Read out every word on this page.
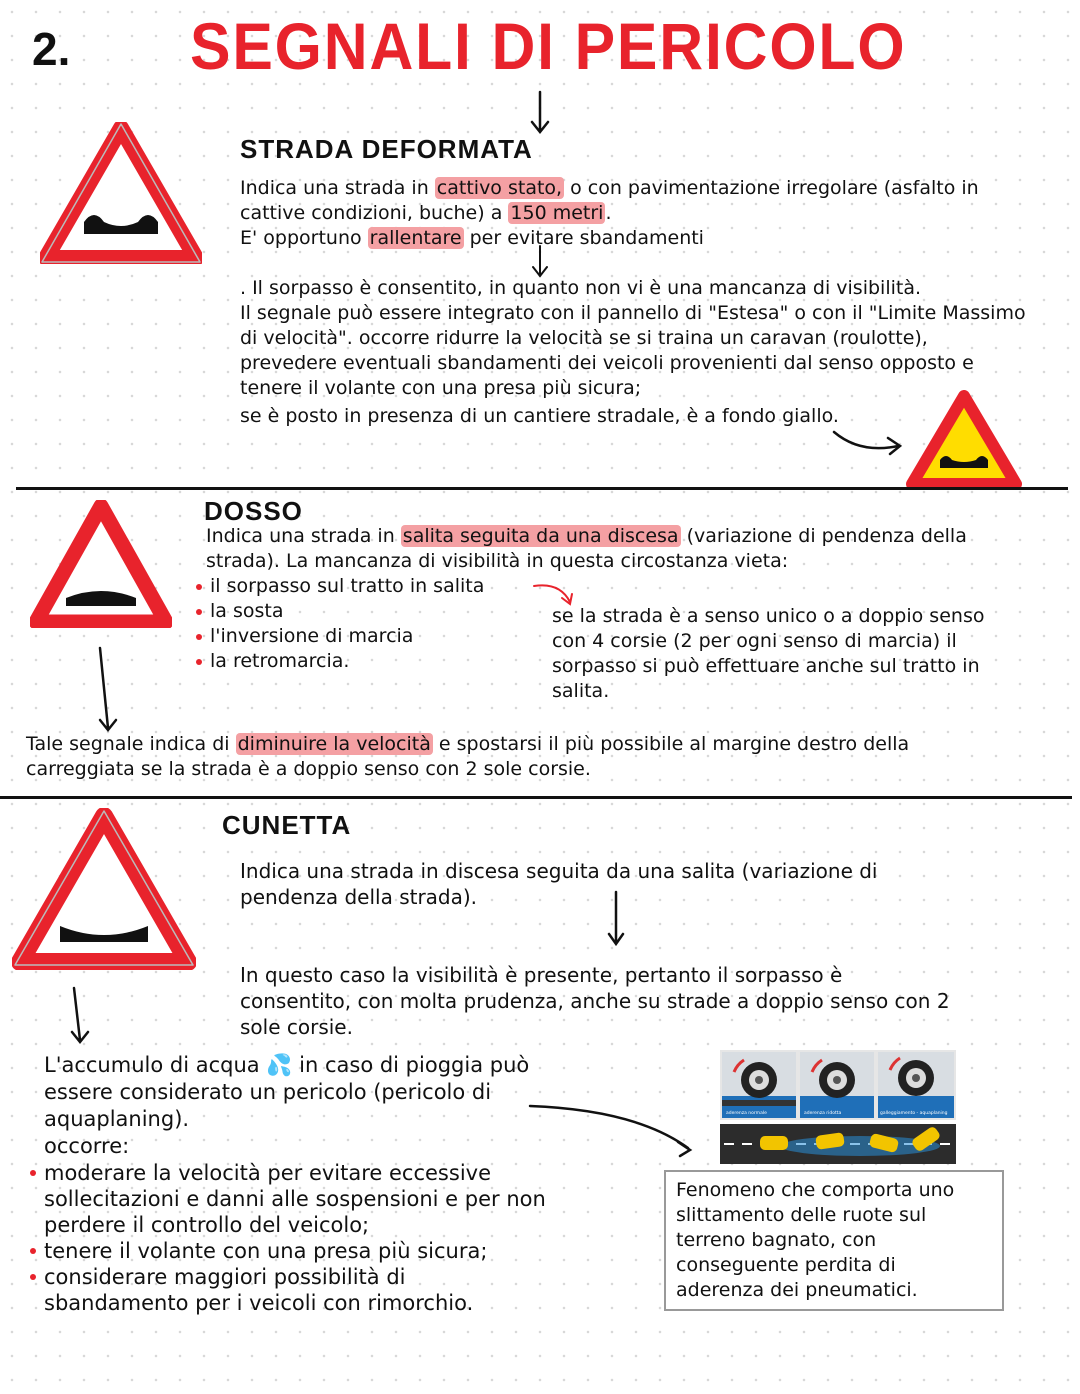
2. SEGNALI DI PERICOLO
STRADA DEFORMATA
Indica una strada in cattivo stato, o con pavimentazione irregolare (asfalto in
cattive condizioni, buche) a 150 metri .
E' opportuno rallentare per evitare sbandamenti
. Il sorpasso è consentito, in quanto non vi è una mancanza di visibilità.
Il segnale può essere integrato con il pannello di "Estesa" o con il "Limite Massimo
di velocità". occorre ridurre la velocità se si traina un caravan (roulotte),
prevedere eventuali sbandamenti dei veicoli provenienti dal senso opposto e
tenere il volante con una presa più sicura;
se è posto in presenza di un cantiere stradale, è a fondo giallo.
DOSSO
Indica una strada in salita seguita da una discesa (variazione di pendenza della
strada). La mancanza di visibilità in questa circostanza vieta:
il sorpasso sul tratto in salita
la sosta
l'inversione di marcia
la retromarcia.
se la strada è a senso unico o a doppio senso
con 4 corsie (2 per ogni senso di marcia) il
sorpasso si può effettuare anche sul tratto in
salita.
Tale segnale indica di diminuire la velocità e spostarsi il più possibile al margine destro della
carreggiata se la strada è a doppio senso con 2 sole corsie.
CUNETTA
Indica una strada in discesa seguita da una salita (variazione di
pendenza della strada).
In questo caso la visibilità è presente, pertanto il sorpasso è
consentito, con molta prudenza, anche su strade a doppio senso con 2
sole corsie.
L'accumulo di acqua 💦 in caso di pioggia può
essere considerato un pericolo (pericolo di
aquaplaning).
occorre:
moderare la velocità per evitare eccessive
sollecitazioni e danni alle sospensioni e per non
perdere il controllo del veicolo;
tenere il volante con una presa più sicura;
considerare maggiori possibilità di
sbandamento per i veicoli con rimorchio.
aderenza normale	aderenza ridotta	galleggiamento - aquaplaning
Fenomeno che comporta uno
slittamento delle ruote sul
terreno bagnato, con
conseguente perdita di
aderenza dei pneumatici.
